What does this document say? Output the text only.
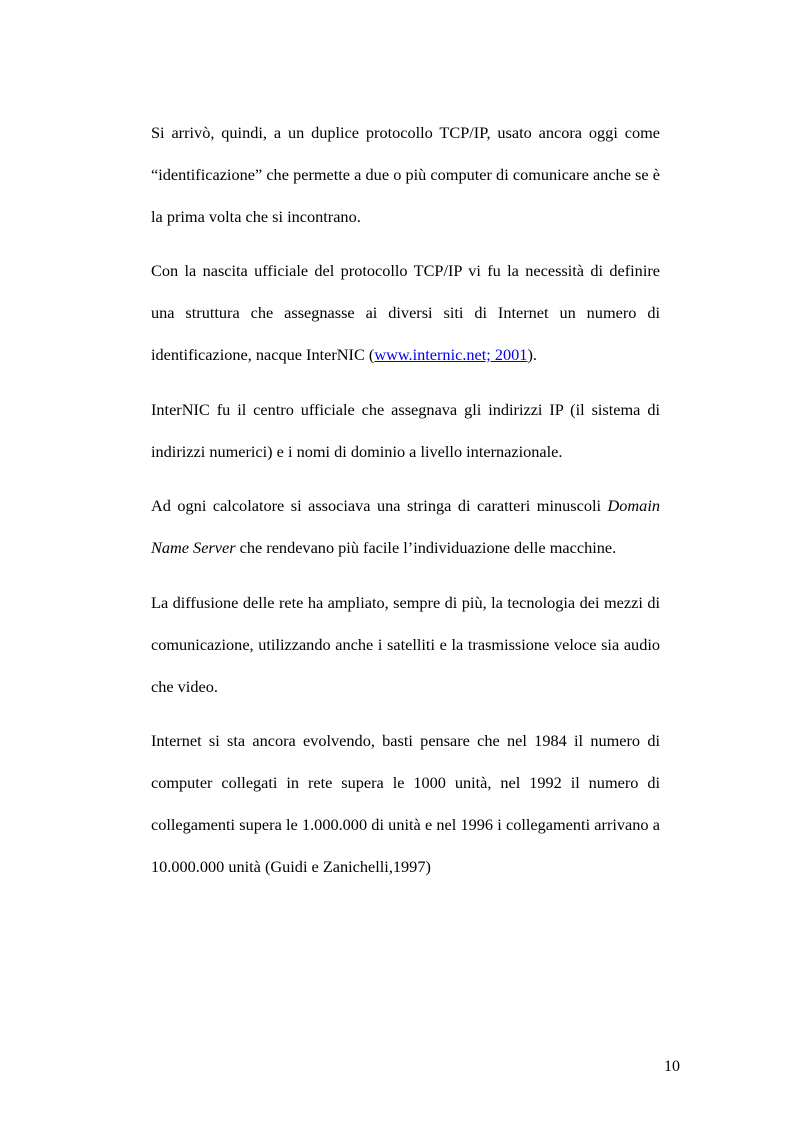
Si arrivò, quindi, a un duplice protocollo TCP/IP, usato ancora oggi come “identificazione” che permette a due o più computer di comunicare anche se è la prima volta che si incontrano.

Con la nascita ufficiale del protocollo TCP/IP vi fu la necessità di definire una struttura che assegnasse ai diversi siti di Internet un numero di identificazione, nacque InterNIC (www.internic.net; 2001).

InterNIC fu il centro ufficiale che assegnava gli indirizzi IP (il sistema di indirizzi numerici) e i nomi di dominio a livello internazionale.

Ad ogni calcolatore si associava una stringa di caratteri minuscoli Domain Name Server che rendevano più facile l’individuazione delle macchine.

La diffusione delle rete ha ampliato, sempre di più, la tecnologia dei mezzi di comunicazione, utilizzando anche i satelliti e la trasmissione veloce sia audio che video.

Internet si sta ancora evolvendo, basti pensare che nel 1984 il numero di computer collegati in rete supera le 1000 unità, nel 1992 il numero di collegamenti supera le 1.000.000 di unità e nel 1996 i collegamenti arrivano a 10.000.000 unità (Guidi e Zanichelli,1997)

10
